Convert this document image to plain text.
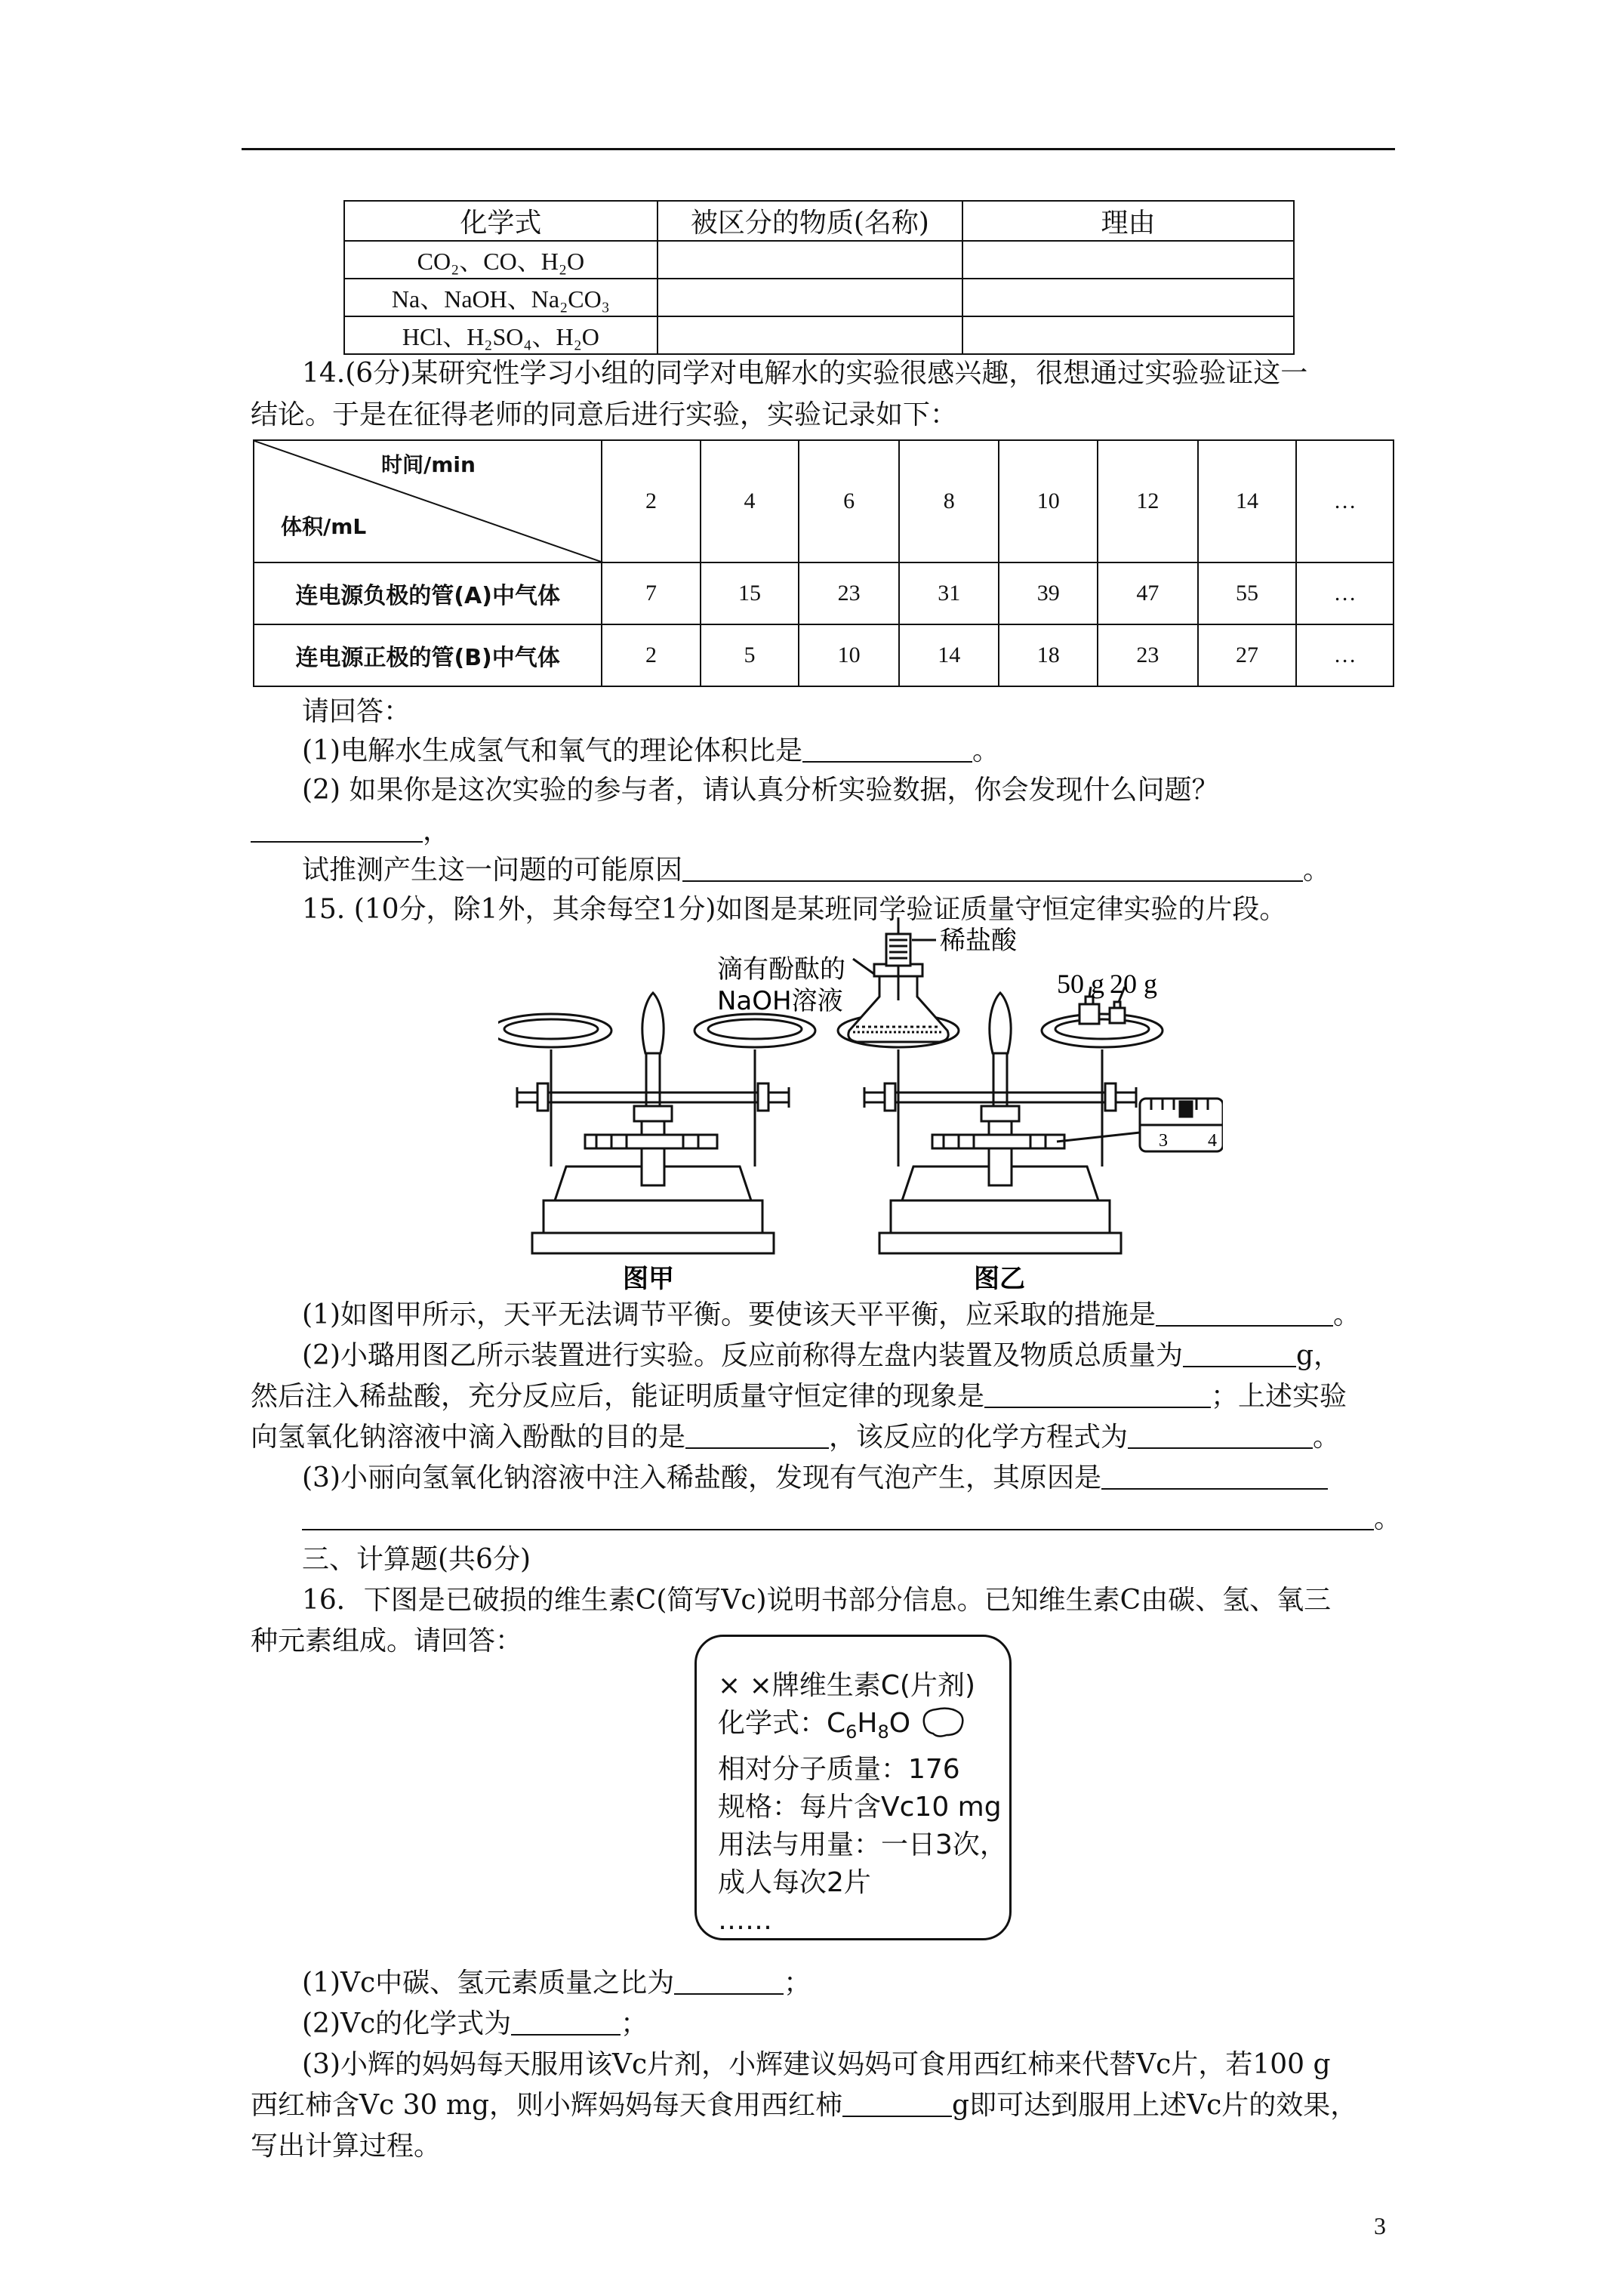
化学式	被区分的物质(名称)	理由
CO₂、CO、H₂O		
Na、NaOH、Na₂CO₃		
HCl、H₂SO₄、H₂O		
14.(6分)某研究性学习小组的同学对电解水的实验很感兴趣，很想通过实验验证这一
结论。于是在征得老师的同意后进行实验，实验记录如下：
时间/min
体积/mL	2	4	6	8	10	12	14	…
连电源负极的管(A)中气体	7	15	23	31	39	47	55	…
连电源正极的管(B)中气体	2	5	10	14	18	23	27	…
请回答：
(1)电解水生成氢气和氧气的理论体积比是	。
(2) 如果你是这次实验的参与者，请认真分析实验数据，你会发现什么问题？
，
试推测产生这一问题的可能原因	。
15. (10分，除1外，其余每空1分)如图是某班同学验证质量守恒定律实验的片段。
稀盐酸
滴有酚酞的
NaOH溶液
50 g 20 g
3 4
图甲	图乙
(1)如图甲所示，天平无法调节平衡。要使该天平平衡，应采取的措施是	。
(2)小璐用图乙所示装置进行实验。反应前称得左盘内装置及物质总质量为	g，
然后注入稀盐酸，充分反应后，能证明质量守恒定律的现象是	；上述实验
向氢氧化钠溶液中滴入酚酞的目的是	，该反应的化学方程式为	。
(3)小丽向氢氧化钠溶液中注入稀盐酸，发现有气泡产生，其原因是
。
三、计算题(共6分)
16．下图是已破损的维生素C(简写Vc)说明书部分信息。已知维生素C由碳、氢、氧三
种元素组成。请回答：
× ×牌维生素C(片剂)
化学式：$C_6H_8O$
相对分子质量：176
规格：每片含Vc10 mg
用法与用量：一日3次，
成人每次2片
……
(1)Vc中碳、氢元素质量之比为	；
(2)Vc的化学式为	；
(3)小辉的妈妈每天服用该Vc片剂，小辉建议妈妈可食用西红柿来代替Vc片，若100 g
西红柿含Vc 30 mg，则小辉妈妈每天食用西红柿	g即可达到服用上述Vc片的效果，
写出计算过程。
3
